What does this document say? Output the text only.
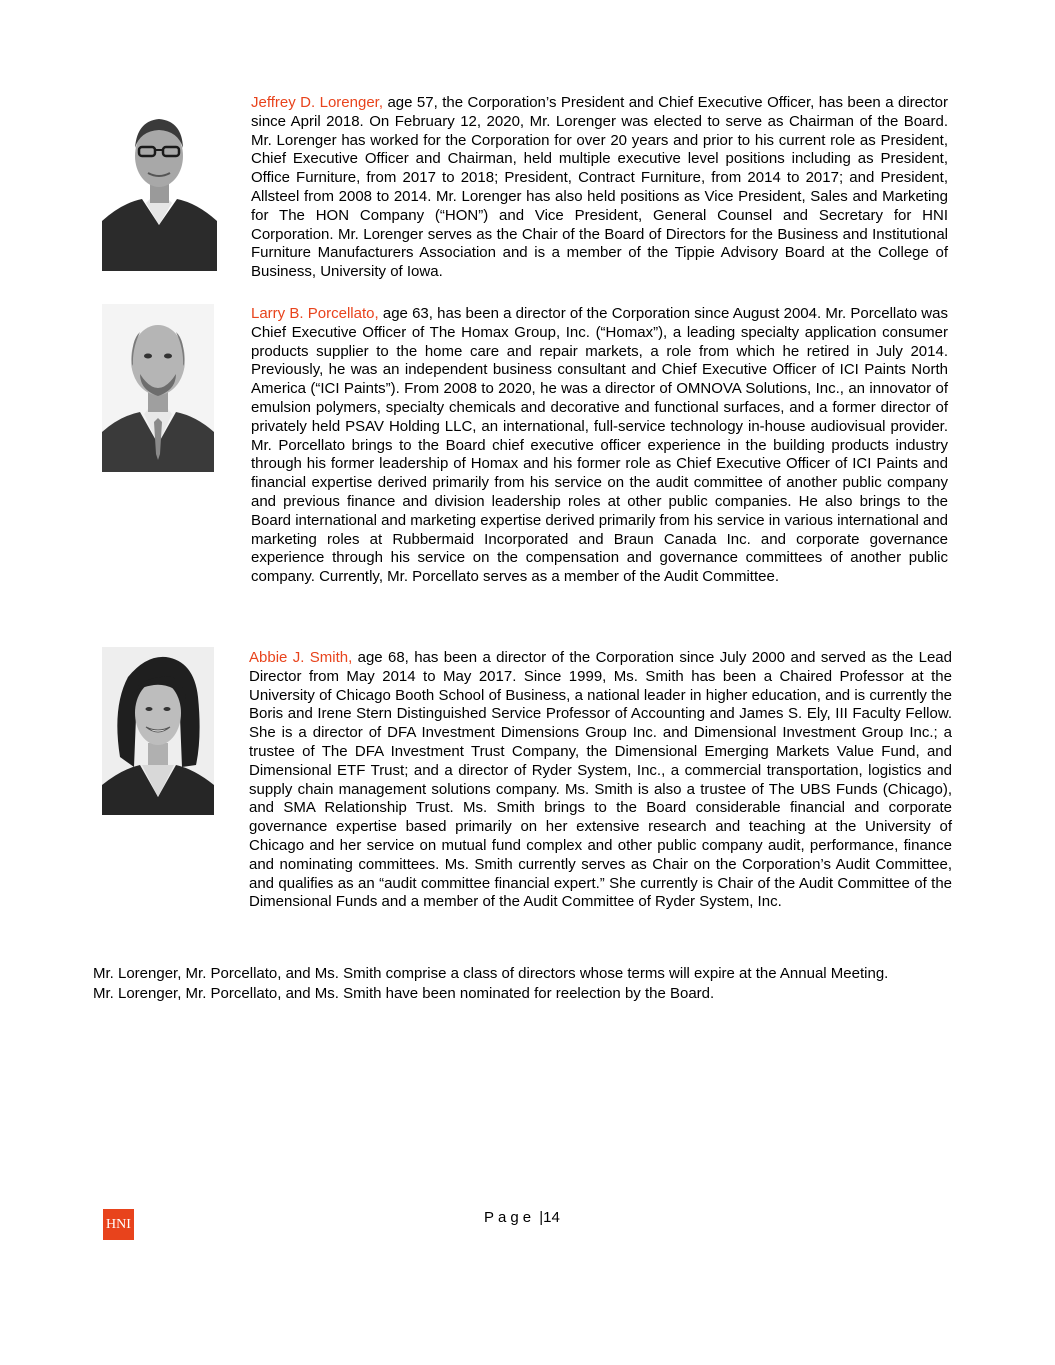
Jeffrey D. Lorenger, age 57, the Corporation’s President and Chief Executive Officer, has been a director since April 2018. On February 12, 2020, Mr. Lorenger was elected to serve as Chairman of the Board. Mr. Lorenger has worked for the Corporation for over 20 years and prior to his current role as President, Chief Executive Officer and Chairman, held multiple executive level positions including as President, Office Furniture, from 2017 to 2018; President, Contract Furniture, from 2014 to 2017; and President, Allsteel from 2008 to 2014. Mr. Lorenger has also held positions as Vice President, Sales and Marketing for The HON Company (“HON”) and Vice President, General Counsel and Secretary for HNI Corporation. Mr. Lorenger serves as the Chair of the Board of Directors for the Business and Institutional Furniture Manufacturers Association and is a member of the Tippie Advisory Board at the College of Business, University of Iowa.

Larry B. Porcellato, age 63, has been a director of the Corporation since August 2004. Mr. Porcellato was Chief Executive Officer of The Homax Group, Inc. (“Homax”), a leading specialty application consumer products supplier to the home care and repair markets, a role from which he retired in July 2014. Previously, he was an independent business consultant and Chief Executive Officer of ICI Paints North America (“ICI Paints”). From 2008 to 2020, he was a director of OMNOVA Solutions, Inc., an innovator of emulsion polymers, specialty chemicals and decorative and functional surfaces, and a former director of privately held PSAV Holding LLC, an international, full-service technology in-house audiovisual provider. Mr. Porcellato brings to the Board chief executive officer experience in the building products industry through his former leadership of Homax and his former role as Chief Executive Officer of ICI Paints and financial expertise derived primarily from his service on the audit committee of another public company and previous finance and division leadership roles at other public companies. He also brings to the Board international and marketing expertise derived primarily from his service in various international and marketing roles at Rubbermaid Incorporated and Braun Canada Inc. and corporate governance experience through his service on the compensation and governance committees of another public company. Currently, Mr. Porcellato serves as a member of the Audit Committee.

Abbie J. Smith, age 68, has been a director of the Corporation since July 2000 and served as the Lead Director from May 2014 to May 2017. Since 1999, Ms. Smith has been a Chaired Professor at the University of Chicago Booth School of Business, a national leader in higher education, and is currently the Boris and Irene Stern Distinguished Service Professor of Accounting and James S. Ely, III Faculty Fellow. She is a director of DFA Investment Dimensions Group Inc. and Dimensional Investment Group Inc.; a trustee of The DFA Investment Trust Company, the Dimensional Emerging Markets Value Fund, and Dimensional ETF Trust; and a director of Ryder System, Inc., a commercial transportation, logistics and supply chain management solutions company. Ms. Smith is also a trustee of The UBS Funds (Chicago), and SMA Relationship Trust. Ms. Smith brings to the Board considerable financial and corporate governance expertise based primarily on her extensive research and teaching at the University of Chicago and her service on mutual fund complex and other public company audit, performance, finance and nominating committees. Ms. Smith currently serves as Chair on the Corporation’s Audit Committee, and qualifies as an “audit committee financial expert.” She currently is Chair of the Audit Committee of the Dimensional Funds and a member of the Audit Committee of Ryder System, Inc.

Mr. Lorenger, Mr. Porcellato, and Ms. Smith comprise a class of directors whose terms will expire at the Annual Meeting.
Mr. Lorenger, Mr. Porcellato, and Ms. Smith have been nominated for reelection by the Board.
HNI	Page |14
